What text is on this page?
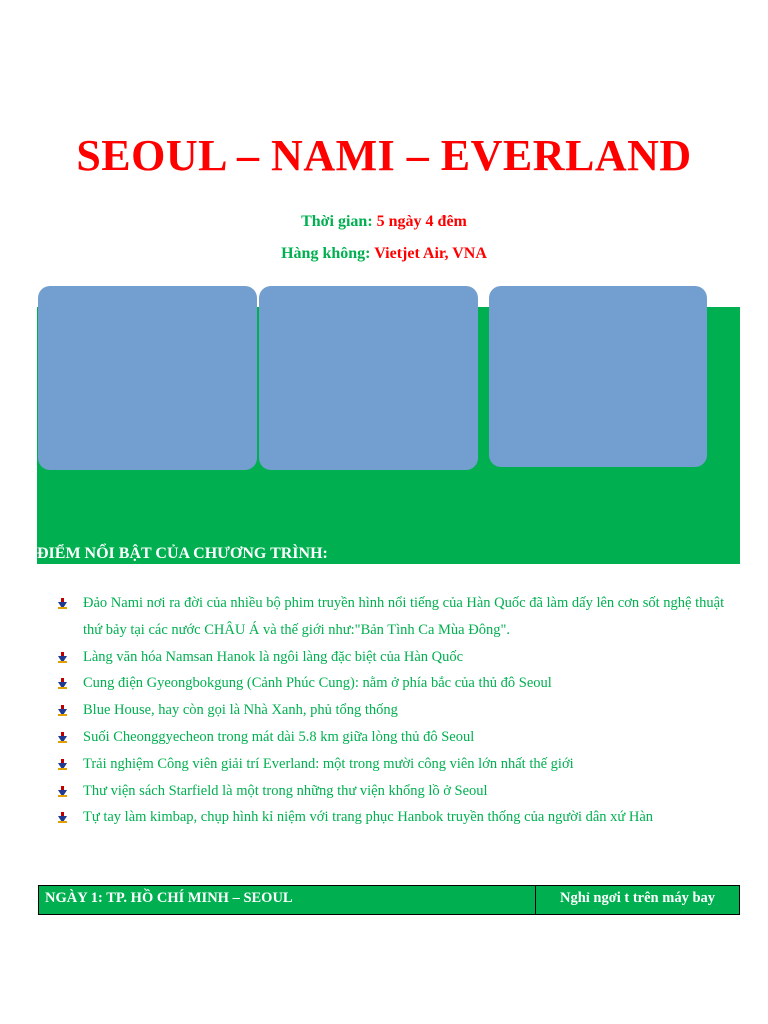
SEOUL – NAMI – EVERLAND
Thời gian: 5 ngày 4 đêm
Hàng không: Vietjet Air, VNA
ĐIỂM NỔI BẬT CỦA CHƯƠNG TRÌNH:
Đảo Nami nơi ra đời của nhiều bộ phim truyền hình nổi tiếng của Hàn Quốc đã làm dấy lên cơn sốt nghệ thuật thứ bảy tại các nước CHÂU Á và thế giới như:"Bản Tình Ca Mùa Đông".
Làng văn hóa Namsan Hanok là ngôi làng đặc biệt của Hàn Quốc
Cung điện Gyeongbokgung (Cảnh Phúc Cung): nằm ở phía bắc của thủ đô Seoul
Blue House, hay còn gọi là Nhà Xanh, phủ tổng thống
Suối Cheonggyecheon trong mát dài 5.8 km giữa lòng thủ đô Seoul
Trải nghiệm Công viên giải trí Everland: một trong mười công viên lớn nhất thế giới
Thư viện sách Starfield là một trong những thư viện khổng lồ ở Seoul
Tự tay làm kimbap, chụp hình kỉ niệm với trang phục Hanbok truyền thống của người dân xứ Hàn
NGÀY 1: TP. HỒ CHÍ MINH – SEOUL	Nghỉ ngơi t trên máy bay
